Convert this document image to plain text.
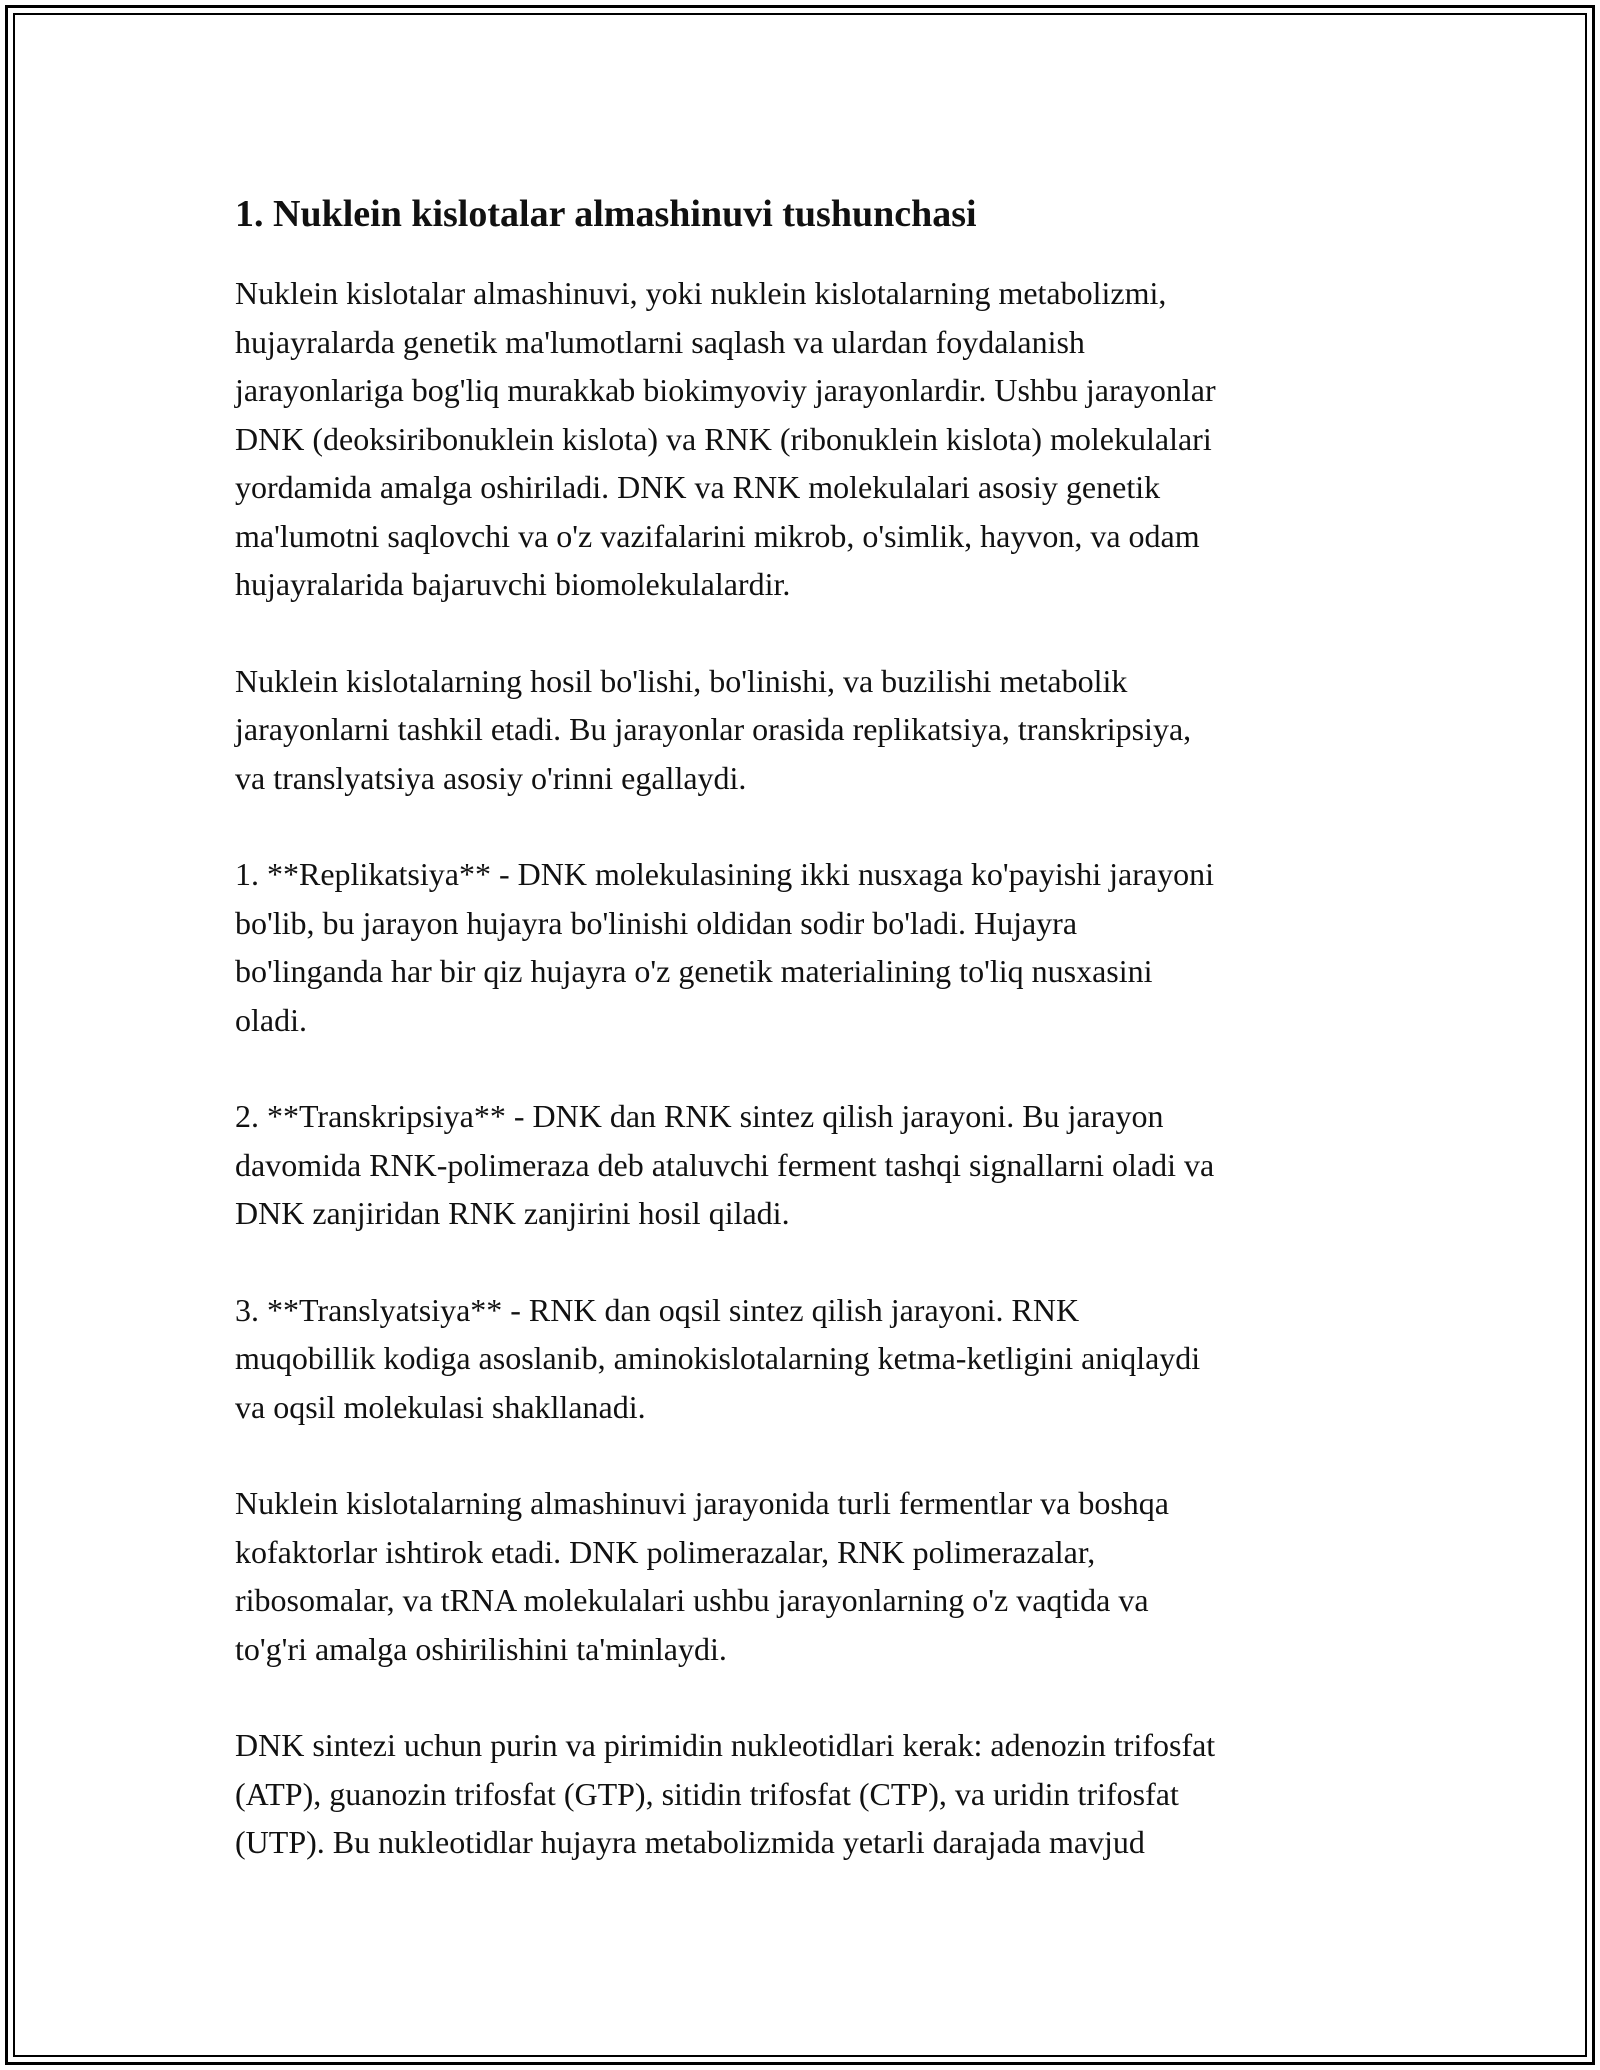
1. Nuklein kislotalar almashinuvi tushunchasi

Nuklein kislotalar almashinuvi, yoki nuklein kislotalarning metabolizmi,
hujayralarda genetik ma'lumotlarni saqlash va ulardan foydalanish
jarayonlariga bog'liq murakkab biokimyoviy jarayonlardir. Ushbu jarayonlar
DNK (deoksiribonuklein kislota) va RNK (ribonuklein kislota) molekulalari
yordamida amalga oshiriladi. DNK va RNK molekulalari asosiy genetik
ma'lumotni saqlovchi va o'z vazifalarini mikrob, o'simlik, hayvon, va odam
hujayralarida bajaruvchi biomolekulalardir.

Nuklein kislotalarning hosil bo'lishi, bo'linishi, va buzilishi metabolik
jarayonlarni tashkil etadi. Bu jarayonlar orasida replikatsiya, transkripsiya,
va translyatsiya asosiy o'rinni egallaydi.

1. **Replikatsiya** - DNK molekulasining ikki nusxaga ko'payishi jarayoni
bo'lib, bu jarayon hujayra bo'linishi oldidan sodir bo'ladi. Hujayra
bo'linganda har bir qiz hujayra o'z genetik materialining to'liq nusxasini
oladi.

2. **Transkripsiya** - DNK dan RNK sintez qilish jarayoni. Bu jarayon
davomida RNK-polimeraza deb ataluvchi ferment tashqi signallarni oladi va
DNK zanjiridan RNK zanjirini hosil qiladi.

3. **Translyatsiya** - RNK dan oqsil sintez qilish jarayoni. RNK
muqobillik kodiga asoslanib, aminokislotalarning ketma-ketligini aniqlaydi
va oqsil molekulasi shakllanadi.

Nuklein kislotalarning almashinuvi jarayonida turli fermentlar va boshqa
kofaktorlar ishtirok etadi. DNK polimerazalar, RNK polimerazalar,
ribosomalar, va tRNA molekulalari ushbu jarayonlarning o'z vaqtida va
to'g'ri amalga oshirilishini ta'minlaydi.

DNK sintezi uchun purin va pirimidin nukleotidlari kerak: adenozin trifosfat
(ATP), guanozin trifosfat (GTP), sitidin trifosfat (CTP), va uridin trifosfat
(UTP). Bu nukleotidlar hujayra metabolizmida yetarli darajada mavjud
